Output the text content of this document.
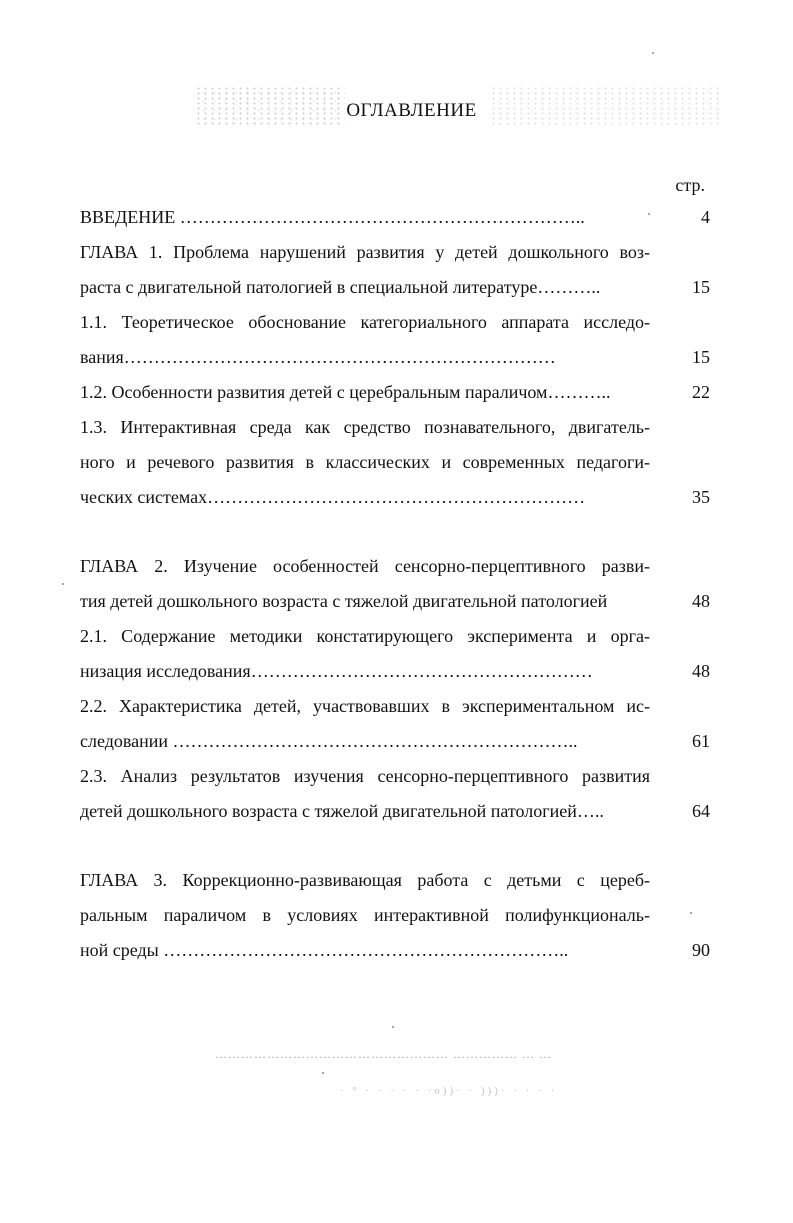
ОГЛАВЛЕНИЕ
стр.
ВВЕДЕНИЕ …………………………………………………………..	4
ГЛАВА 1. Проблема нарушений развития у детей дошкольного воз-
раста с двигательной патологией в специальной литературе………..	15
1.1. Теоретическое обоснование категориального аппарата исследо-
вания………………………………………………………………	15
1.2. Особенности развития детей с церебральным параличом………..	22
1.3. Интерактивная среда как средство познавательного, двигатель-
ного и речевого развития в классических и современных педагоги-
ческих системах………………………………………………………	35
ГЛАВА 2. Изучение особенностей сенсорно-перцептивного разви-
тия детей дошкольного возраста с тяжелой двигательной патологией	48
2.1. Содержание методики констатирующего эксперимента и орга-
низация исследования…………………………………………………	48
2.2. Характеристика детей, участвовавших в экспериментальном ис-
следовании …………………………………………………………..	61
2.3. Анализ результатов изучения сенсорно-перцептивного развития
детей дошкольного возраста с тяжелой двигательной патологией…..	64
ГЛАВА 3. Коррекционно-развивающая работа с детьми с цереб-
ральным параличом в условиях интерактивной полифункциональ-
ной среды …………………………………………………………..	90
……………………………………………… …………… … …
· ° · · · · · ·о))· · )))· · · · ·
